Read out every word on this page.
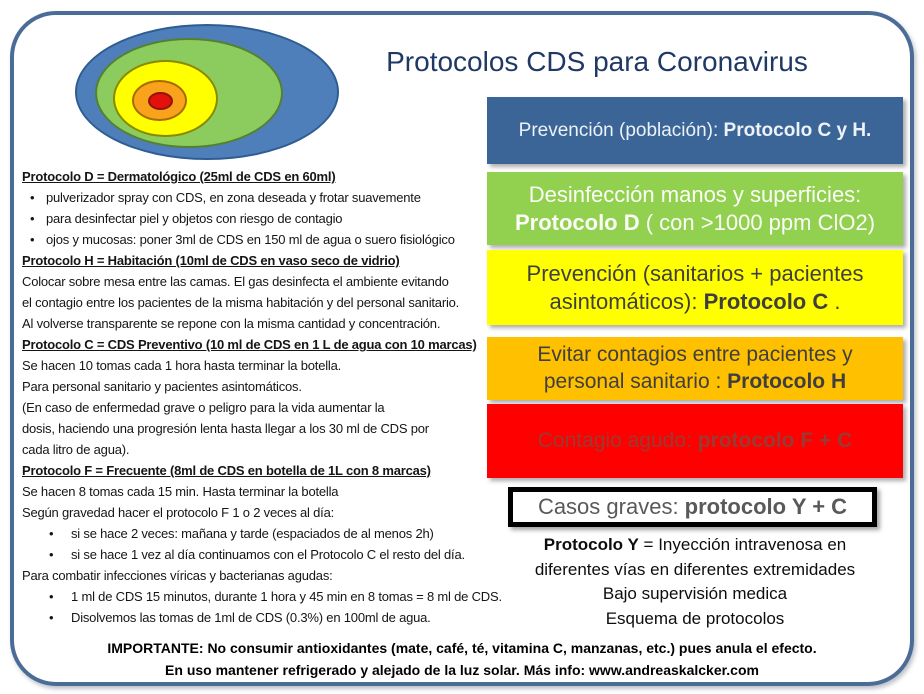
Protocolos CDS para Coronavirus
Prevención (población): Protocolo C y H.
Desinfección manos y superficies: Protocolo D ( con >1000 ppm ClO2)
Prevención (sanitarios + pacientes asintomáticos): Protocolo C .
Evitar contagios entre pacientes y personal sanitario : Protocolo H
Contagio agudo: protocolo F + C
Casos graves: protocolo Y + C
Protocolo Y = Inyección intravenosa en
diferentes vías en diferentes extremidades
Bajo supervisión medica
Esquema de protocolos
Protocolo D = Dermatológico (25ml de CDS en 60ml)
• pulverizador spray con CDS, en zona deseada y frotar suavemente
• para desinfectar piel y objetos con riesgo de contagio
• ojos y mucosas: poner 3ml de CDS en 150 ml de agua o suero fisiológico
Protocolo H = Habitación (10ml de CDS en vaso seco de vidrio)
Colocar sobre mesa entre las camas. El gas desinfecta el ambiente evitando
el contagio entre los pacientes de la misma habitación y del personal sanitario.
Al volverse transparente se repone con la misma cantidad y concentración.
Protocolo C = CDS Preventivo (10 ml de CDS en 1 L de agua con 10 marcas)
Se hacen 10 tomas cada 1 hora hasta terminar la botella.
Para personal sanitario y pacientes asintomáticos.
(En caso de enfermedad grave o peligro para la vida aumentar la
dosis, haciendo una progresión lenta hasta llegar a los 30 ml de CDS por
cada litro de agua).
Protocolo F = Frecuente (8ml de CDS en botella de 1L con 8 marcas)
Se hacen 8 tomas cada 15 min. Hasta terminar la botella
Según gravedad hacer el protocolo F 1 o 2 veces al día:
• si se hace 2 veces: mañana y tarde (espaciados de al menos 2h)
• si se hace 1 vez al día continuamos con el Protocolo C el resto del día.
Para combatir infecciones víricas y bacterianas agudas:
• 1 ml de CDS 15 minutos, durante 1 hora y 45 min en 8 tomas = 8 ml de CDS.
• Disolvemos las tomas de 1ml de CDS (0.3%) en 100ml de agua.
IMPORTANTE: No consumir antioxidantes (mate, café, té, vitamina C, manzanas, etc.) pues anula el efecto.
En uso mantener refrigerado y alejado de la luz solar. Más info: www.andreaskalcker.com
